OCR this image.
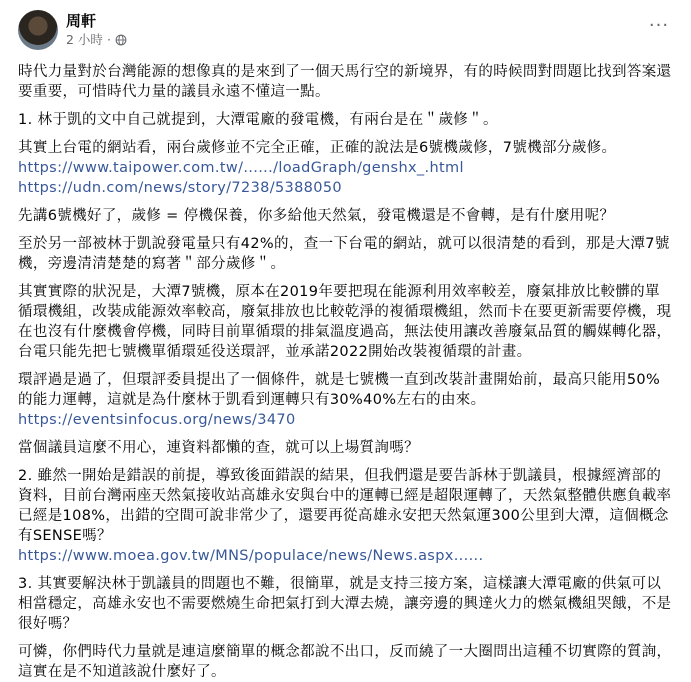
周軒
2 小時 ·
···

時代力量對於台灣能源的想像真的是來到了一個天馬行空的新境界，有的時候問對問題比找到答案還要重要，可惜時代力量的議員永遠不懂這一點。

1. 林于凱的文中自己就提到，大潭電廠的發電機，有兩台是在＂歲修＂。

其實上台電的網站看，兩台歲修並不完全正確，正確的說法是6號機歲修，7號機部分歲修。
https://www.taipower.com.tw/....../loadGraph/genshx_.html
https://udn.com/news/story/7238/5388050

先講6號機好了，歲修 = 停機保養，你多給他天然氣，發電機還是不會轉，是有什麼用呢？

至於另一部被林于凱說發電量只有42%的，查一下台電的網站，就可以很清楚的看到，那是大潭7號機，旁邊清清楚楚的寫著＂部分歲修＂。

其實實際的狀況是，大潭7號機，原本在2019年要把現在能源利用效率較差，廢氣排放比較髒的單循環機組，改裝成能源效率較高，廢氣排放也比較乾淨的複循環機組，然而卡在要更新需要停機，現在也沒有什麼機會停機，同時目前單循環的排氣溫度過高，無法使用讓改善廢氣品質的觸媒轉化器，台電只能先把七號機單循環延役送環評，並承諾2022開始改裝複循環的計畫。

環評過是過了，但環評委員提出了一個條件，就是七號機一直到改裝計畫開始前，最高只能用50%的能力運轉，這就是為什麼林于凱看到運轉只有30%40%左右的由來。
https://eventsinfocus.org/news/3470

當個議員這麼不用心，連資料都懶的查，就可以上場質詢嗎？

2. 雖然一開始是錯誤的前提，導致後面錯誤的結果，但我們還是要告訴林于凱議員，根據經濟部的資料，目前台灣兩座天然氣接收站高雄永安與台中的運轉已經是超限運轉了，天然氣整體供應負載率已經是108%，出錯的空間可說非常少了，還要再從高雄永安把天然氣運300公里到大潭，這個概念有SENSE嗎？
https://www.moea.gov.tw/MNS/populace/news/News.aspx......

3. 其實要解決林于凱議員的問題也不難，很簡單，就是支持三接方案，這樣讓大潭電廠的供氣可以相當穩定，高雄永安也不需要燃燒生命把氣打到大潭去燒，讓旁邊的興達火力的燃氣機組哭餓，不是很好嗎？

可憐，你們時代力量就是連這麼簡單的概念都說不出口，反而繞了一大圈問出這種不切實際的質詢，這實在是不知道該說什麼好了。
